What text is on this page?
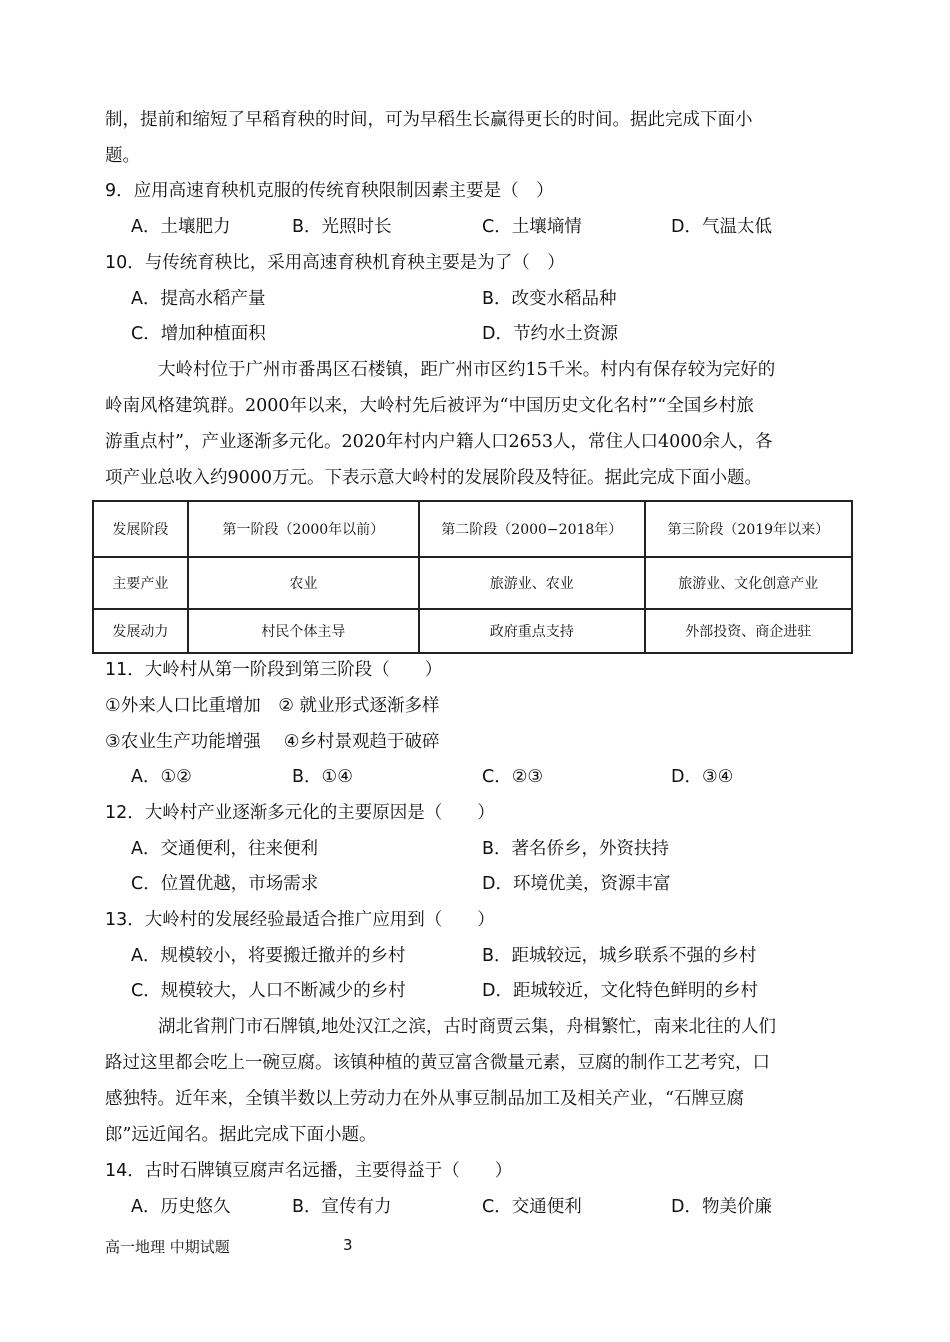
制，提前和缩短了早稻育秧的时间，可为早稻生长赢得更长的时间。据此完成下面小
题。
9．应用高速育秧机克服的传统育秧限制因素主要是（　）
A．土壤肥力	B．光照时长	C．土壤墒情	D．气温太低
10．与传统育秧比，采用高速育秧机育秧主要是为了（　）
A．提高水稻产量	B．改变水稻品种
C．增加种植面积	D．节约水土资源
大岭村位于广州市番禺区石楼镇，距广州市区约15千米。村内有保存较为完好的
岭南风格建筑群。2000年以来，大岭村先后被评为“中国历史文化名村”“全国乡村旅
游重点村”，产业逐渐多元化。2020年村内户籍人口2653人，常住人口4000余人，各
项产业总收入约9000万元。下表示意大岭村的发展阶段及特征。据此完成下面小题。
发展阶段	第一阶段（2000年以前）	第二阶段（2000−2018年）	第三阶段（2019年以来）
主要产业	农业	旅游业、农业	旅游业、文化创意产业
发展动力	村民个体主导	政府重点支持	外部投资、商企进驻
11．大岭村从第一阶段到第三阶段（　　）
①外来人口比重增加　② 就业形式逐渐多样
③农业生产功能增强　 ④乡村景观趋于破碎
A．①②	B．①④	C．②③	D．③④
12．大岭村产业逐渐多元化的主要原因是（　　）
A．交通便利，往来便利	B．著名侨乡，外资扶持
C．位置优越，市场需求	D．环境优美，资源丰富
13．大岭村的发展经验最适合推广应用到（　　）
A．规模较小，将要搬迁撤并的乡村	B．距城较远，城乡联系不强的乡村
C．规模较大，人口不断减少的乡村	D．距城较近，文化特色鲜明的乡村
湖北省荆门市石牌镇,地处汉江之滨，古时商贾云集，舟楫繁忙，南来北往的人们
路过这里都会吃上一碗豆腐。该镇种植的黄豆富含微量元素，豆腐的制作工艺考究，口
感独特。近年来，全镇半数以上劳动力在外从事豆制品加工及相关产业，“石牌豆腐
郎”远近闻名。据此完成下面小题。
14．古时石牌镇豆腐声名远播，主要得益于（　　）
A．历史悠久	B．宣传有力	C．交通便利	D．物美价廉
高一地理 中期试题	3
